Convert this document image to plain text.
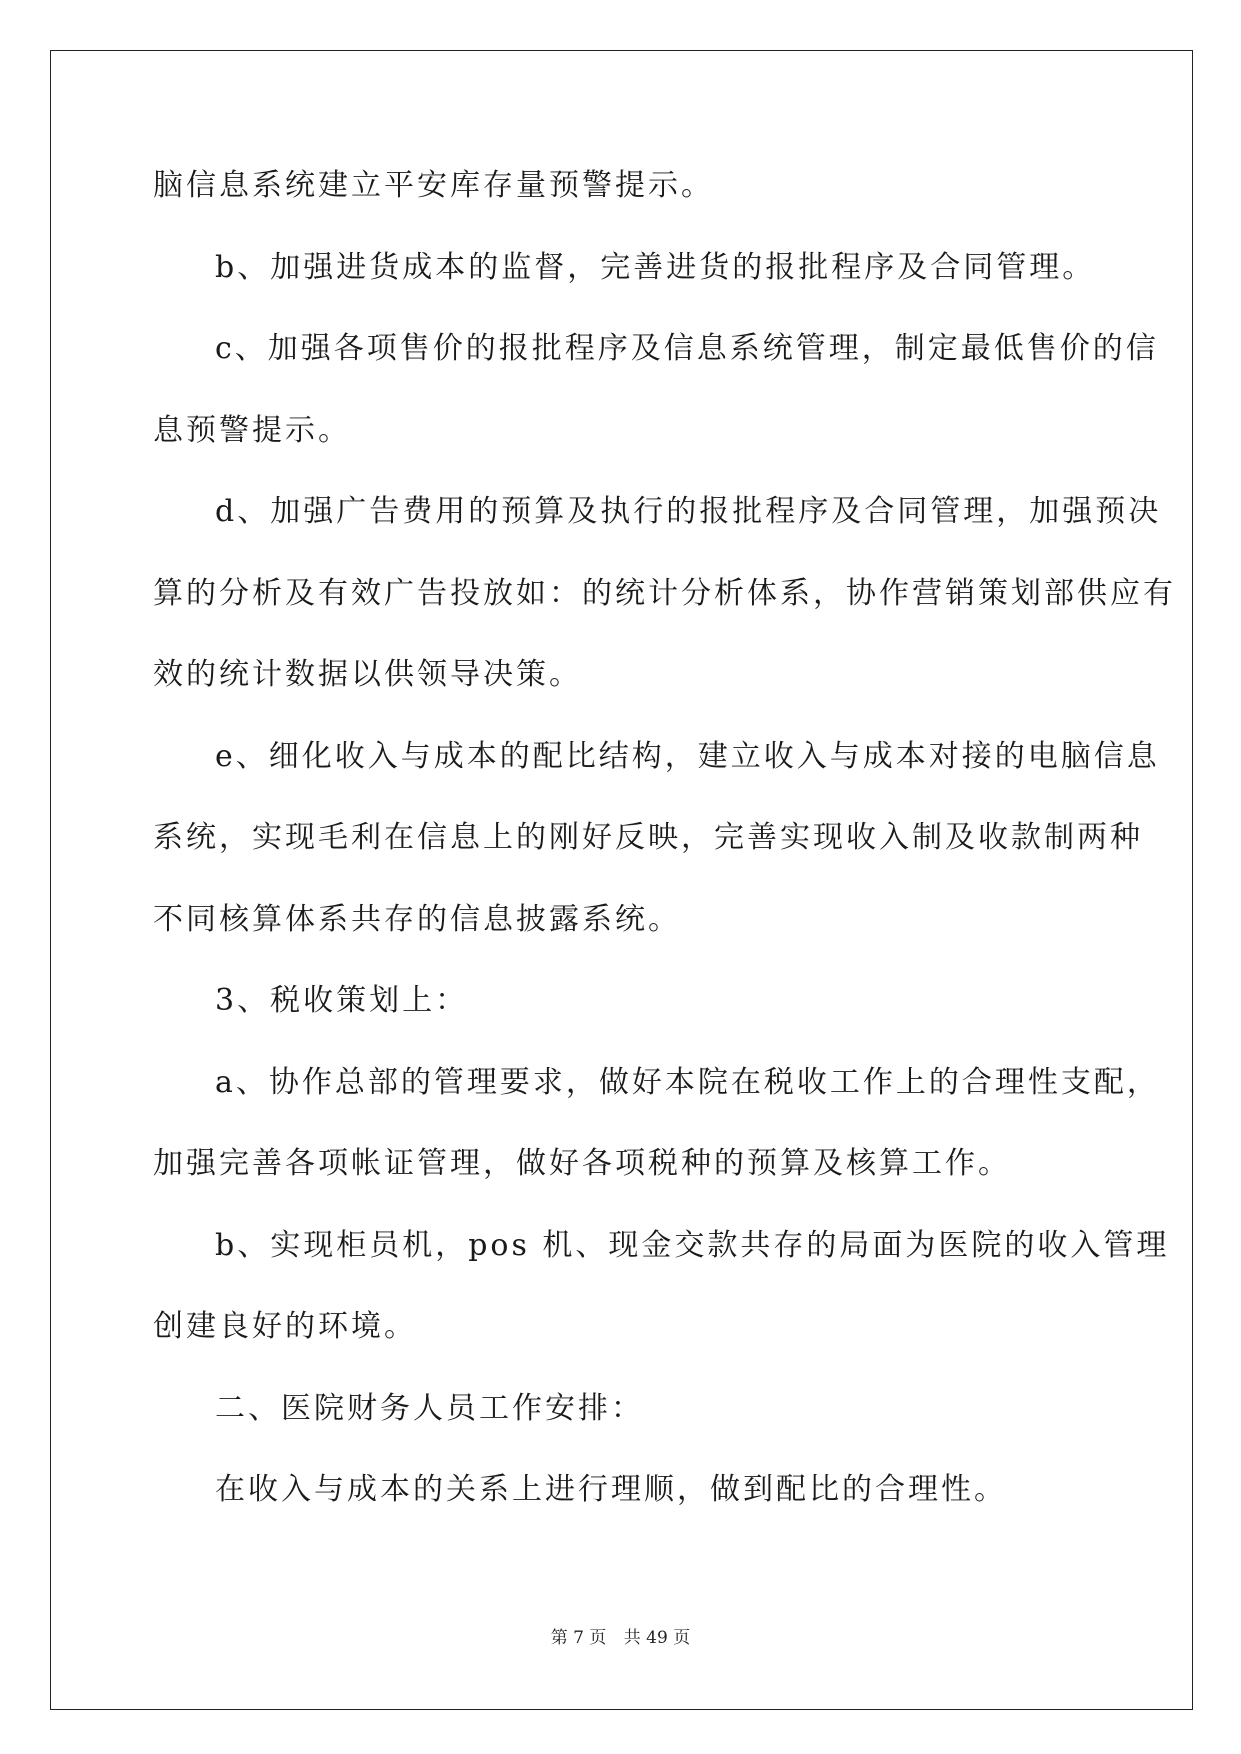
脑信息系统建立平安库存量预警提示。
b、加强进货成本的监督，完善进货的报批程序及合同管理。
c、加强各项售价的报批程序及信息系统管理，制定最低售价的信
息预警提示。
d、加强广告费用的预算及执行的报批程序及合同管理，加强预决
算的分析及有效广告投放如：的统计分析体系，协作营销策划部供应有
效的统计数据以供领导决策。
e、细化收入与成本的配比结构，建立收入与成本对接的电脑信息
系统，实现毛利在信息上的刚好反映，完善实现收入制及收款制两种
不同核算体系共存的信息披露系统。
3、税收策划上：
a、协作总部的管理要求，做好本院在税收工作上的合理性支配，
加强完善各项帐证管理，做好各项税种的预算及核算工作。
b、实现柜员机，pos 机、现金交款共存的局面为医院的收入管理
创建良好的环境。
二、医院财务人员工作安排：
在收入与成本的关系上进行理顺，做到配比的合理性。
第 7 页 共 49 页
